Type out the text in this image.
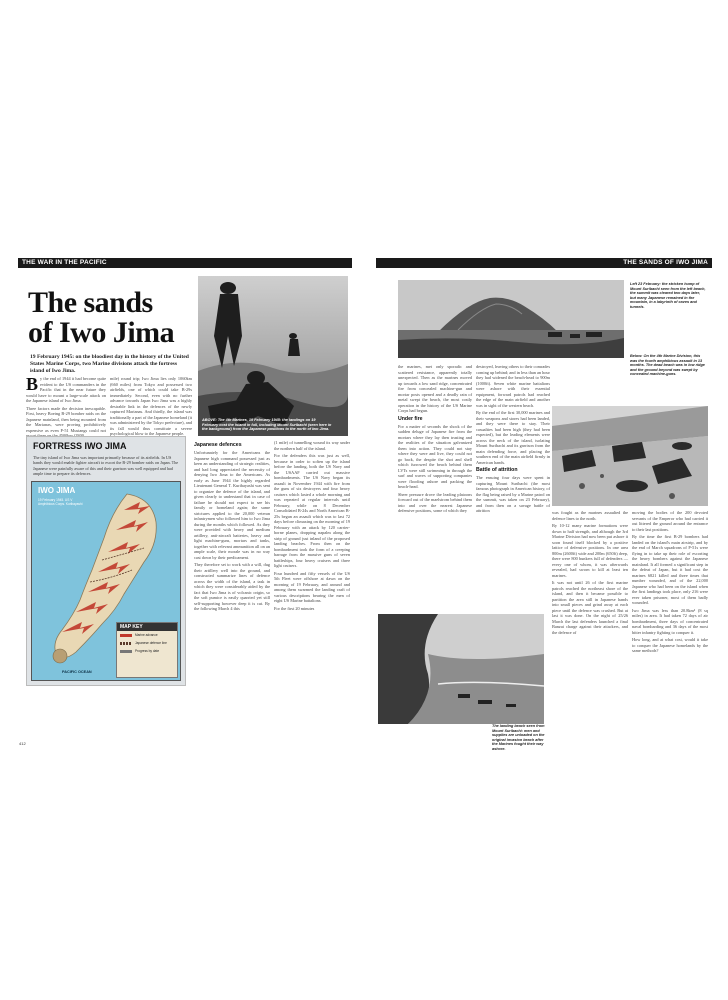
THE WAR IN THE PACIFIC
The sands
of Iwo Jima
19 February 1945: on the bloodiest day in the history of the United States Marine Corps, two Marine divisions attack the fortress island of Iwo Jima.
ABOVE: The 4th Marines, 19 February 1945: the landings on 19 February cost the island in full, including Mount Suribachi (seen here in the background) from the Japanese positions to the north of Iwo Jima.
B y the end of 1944 it had become quite evident to the US commanders in the Pacific that in the near future they would have to mount a large-scale attack on the Japanese island of Iwo Jima.

Three factors made the decision inescapable. First, heavy Boeing B-29 bomber raids on the Japanese mainland, then being mounted from the Marianas, were proving prohibitively expensive as even P-51 Mustangs could not

mile) round trip; Iwo Jima lies only 1060km (660 miles) from Tokyo and possessed two airfields, one of which could take B-29s immediately. Second, even with no further advance towards Japan Iwo Jima was a highly desirable link in the defences of the newly captured Marianas. And thirdly, the island was traditionally a part of the Japanese homeland (it was administered by the Tokyo prefecture), and its fall would thus constitute a severe psychological blow to the Japanese people.

Japanese defences

Unfortunately for the Americans the Japanese high command possessed just as keen an understanding of strategic realities, and had long appreciated the necessity of denying Iwo Jima to the Americans. As early as June 1944 the highly regarded Lieutenant General T. Kuribayashi was sent to organize the defence of the island, and given clearly to understand that in case of failure he should not expect to see his family or homeland again; the same strictures applied to the 20,000 veteran infantrymen who followed him to Iwo Jima during the months which followed. As they were provided with heavy and medium artillery, anti-aircraft batteries, heavy and light machine-guns, mortars and tanks, together with relevant ammunition all on an ample scale, their morale was in no way cast down by their predicament.

They therefore set to work with a will, dug their artillery well into the ground, and constructed summarize lines of defence across the width of the island, a task in which they were considerably aided by the fact that Iwo Jima is of volcanic origin, so the soft pumice is easily quarried yet still self-supporting however deep it is cut. By the following March 4 this

(1 mile) of tunnelling wound its way under the northern half of the island.

For the defenders this was just as well, because in order to soften up the island before the landing, both the US Navy and the USAAF carried out massive bombardments. The US Navy began its assault in November 1944 with fire from the guns of six destroyers and four heavy cruisers which lasted a whole morning and was repeated at regular intervals until February, while on 8 December Consolidated B-24s and North American B-25s began an assault which was to last 72 days before climaxing on the morning of 19 February with an attack by 120 carrier-borne planes, dropping napalm along the strip of ground just inland of the proposed landing beaches. From then on the bombardment took the form of a creeping barrage from the massive guns of seven battleships, four heavy cruisers and three light cruisers.

Four hundred and fifty vessels of the US 5th Fleet were offshore at dawn on the morning of 19 February, and around and among them swarmed the landing craft of various descriptions bearing the men of eight US Marine battalions.

For the first 20 minutes

FORTRESS IWO JIMA
The tiny island of Iwo Jima was important primarily because of its airfields. In US hands they would enable fighter aircraft to escort the B-29 bomber raids on Japan. The Japanese were painfully aware of this and their garrison was well equipped and had ample time to prepare its defences.
IWO JIMA
19 February 1945. US V Amphibious Corps. Kuribayashi
PACIFIC OCEAN
MAP KEY
Marine advance
Japanese defence line
Progress by date
412
THE SANDS OF IWO JIMA
Left 23 February: the stricken hump of Mount Suribachi seen from the left beach, the summit was cleared two days later, but many Japanese remained in the mountain, in a labyrinth of caves and tunnels.
Below: On the 4th Marine Division, this was the fourth amphibious assault in 13 months. The dead beach was in low ridge and the ground beyond was swept by concealed machine-guns.
The landing beach seen from Mount Suribachi: men and supplies are unloaded on the original invasion beach after the Marines fought their way ashore.

the marines, met only sporadic and scattered resistance, apparently totally unexpected. Then as the marines moved up towards a low sand ridge, concentrated fire from concealed machine-gun and mortar posts opened and a deadly rain of metal swept the beach, the most costly operation in the history of the US Marine Corps had begun.

Under fire

For a matter of seconds the shock of the sudden deluge of Japanese fire from the mortars where they lay then trusting and the realities of the situation galvanized them into action. They could not stay where they were and live, they could not go back, the despite the shot and shell which furrowed the beach behind them LVTs were still swimming in through the surf and waves of supporting companies were flooding ashore and packing the beach-head.

Sheer pressure drove the leading platoons forward out of the maelstrom behind them into and over the nearest Japanese defensive positions, some of which they

destroyed, leaving others to their comrades coming up behind; and in less than an hour they had widened the beach-head to 900m (1000ft). Seven white marine battalions were ashore with their essential equipment, forward patrols had reached the edge of the main airfield and another was in sight of the western beach.

By the end of the first 30,000 marines and their weapons and stores had been landed, and they were there to stay. Their casualties had been high (they had been expected), but the leading elements were across the neck of the island, isolating Mount Suribachi and its garrison from the main defending force, and placing the southern end of the main airfield firmly in American hands.

Battle of attrition

The ensuing four days were spent in capturing Mount Suribachi (the most famous photograph in American history, of the flag being raised by a Marine patrol on the summit, was taken on 23 February), and from then on a savage battle of attrition	was fought as the marines assaulted the defence lines to the north.

By 10-12 many marine formations were down to half strength, and although the 3rd Marine Division had now been put ashore it soon found itself blocked by a positive lattice of defensive positions. In one area 800m (2600ft) wide and 200m (650ft) deep, there were 800 bunkers full of defenders — every one of whom, it was afterwards revealed, had sworn to kill at least ten marines.

It was not until 26 of the first marine patrols reached the northeast shore of the island, and then it became possible to partition the area still in Japanese hands into small pieces and grind away at each piece until the defence was crushed. But at last it was done. On the night of 25/26 March the last defenders launched a final Banzai charge against their attackers, and the defence of

moving the bodies of the 200 devoted servants of the Emperor who had carried it out littered the ground around the entrance to their last positions.

By the time the first B-29 bombers had landed on the island's main airstrip, and by the end of March squadrons of P-51s were flying in to take up their role of escorting the heavy bombers against the Japanese mainland. It all formed a significant step in the defeat of Japan, but it had cost the marines 6821 killed and three times that number wounded, and of the 22,000 Japanese who had been on the island when the first landings took place, only 216 were ever taken prisoner, most of them badly wounded.

Iwo Jima was less than 20.8km² (8 sq miles) in area. It had taken 72 days of air bombardment, three days of concentrated naval bombarding and 36 days of the most bitter infantry fighting to conquer it.

How long, and at what cost, would it take to conquer the Japanese homelands by the same methods?
